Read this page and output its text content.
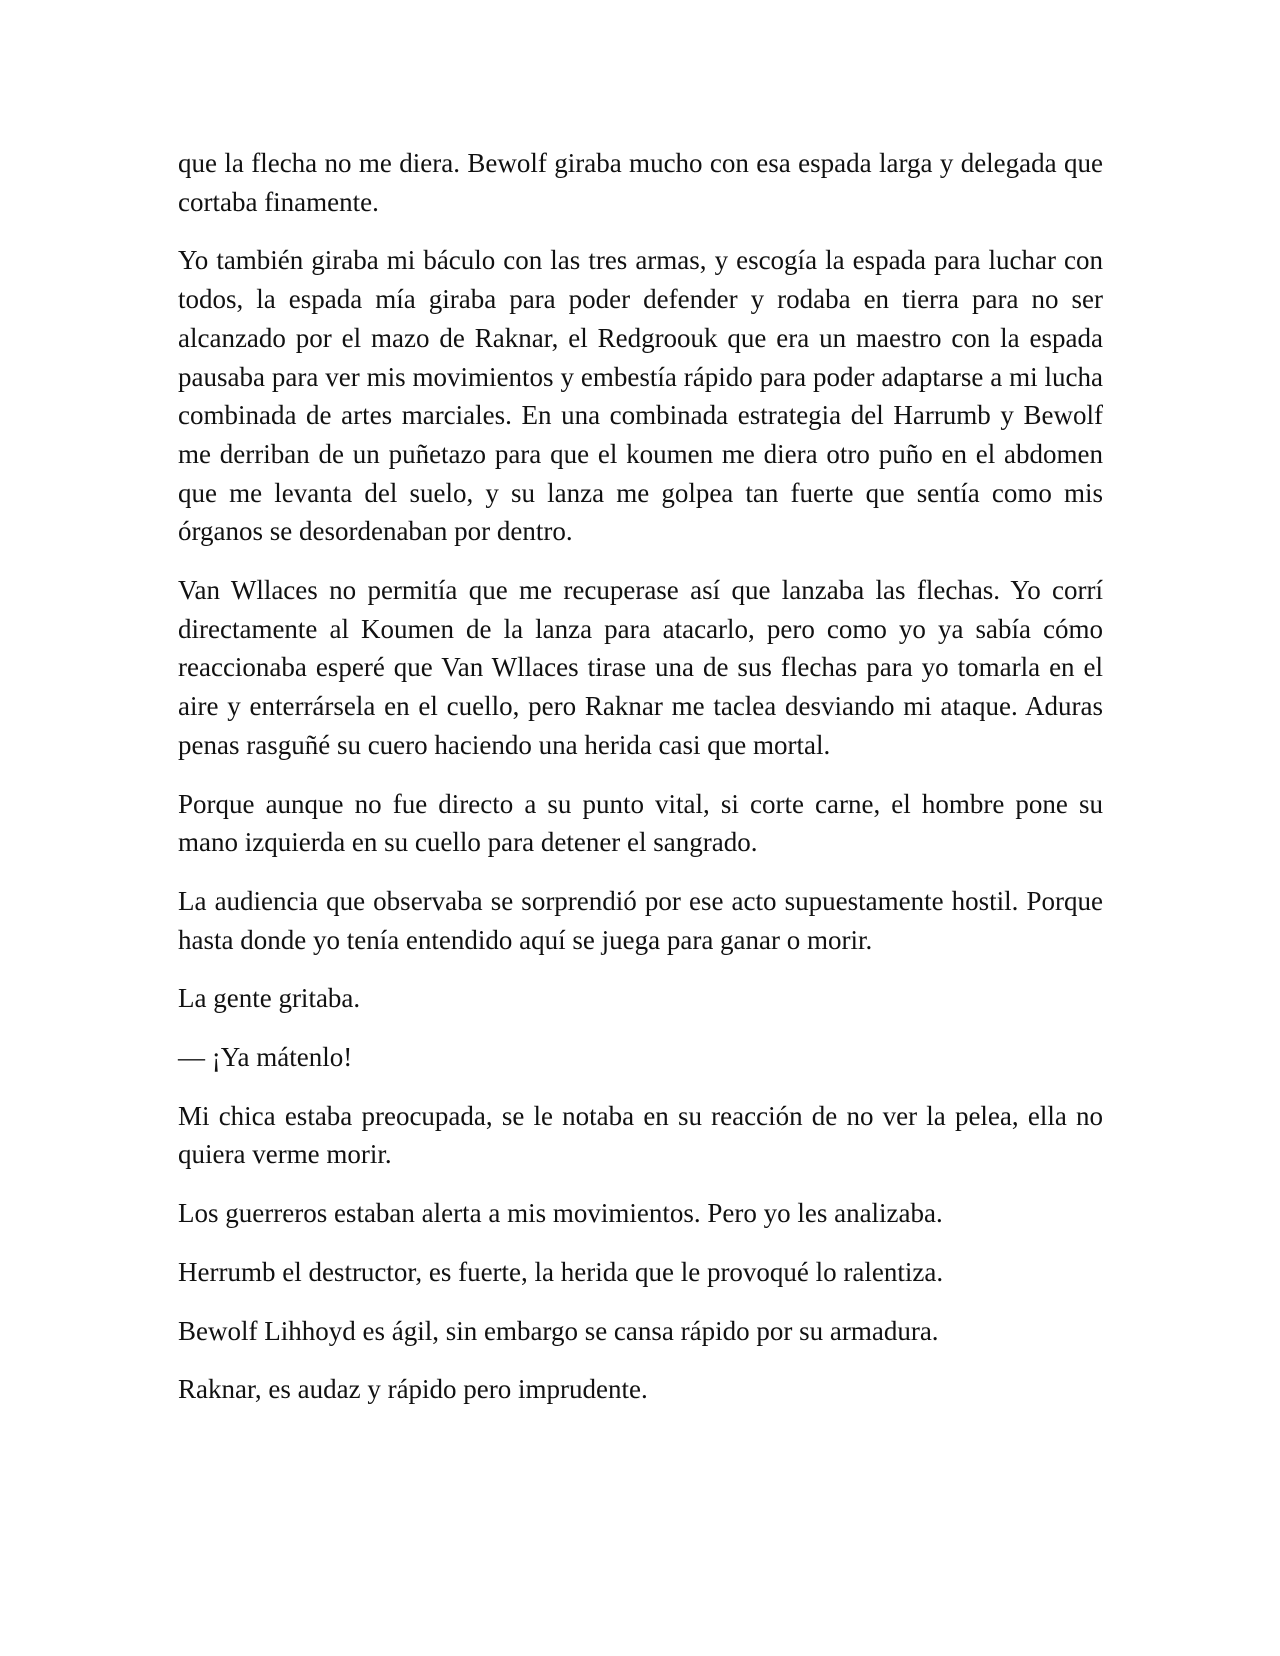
que la flecha no me diera. Bewolf giraba mucho con esa espada larga y delegada que cortaba finamente.

Yo también giraba mi báculo con las tres armas, y escogía la espada para luchar con todos, la espada mía giraba para poder defender y rodaba en tierra para no ser alcanzado por el mazo de Raknar, el Redgroouk que era un maestro con la espada pausaba para ver mis movimientos y embestía rápido para poder adaptarse a mi lucha combinada de artes marciales. En una combinada estrategia del Harrumb y Bewolf me derriban de un puñetazo para que el koumen me diera otro puño en el abdomen que me levanta del suelo, y su lanza me golpea tan fuerte que sentía como mis órganos se desordenaban por dentro.

Van Wllaces no permitía que me recuperase así que lanzaba las flechas. Yo corrí directamente al Koumen de la lanza para atacarlo, pero como yo ya sabía cómo reaccionaba esperé que Van Wllaces tirase una de sus flechas para yo tomarla en el aire y enterrársela en el cuello, pero Raknar me taclea desviando mi ataque. Aduras penas rasguñé su cuero haciendo una herida casi que mortal.

Porque aunque no fue directo a su punto vital, si corte carne, el hombre pone su mano izquierda en su cuello para detener el sangrado.

La audiencia que observaba se sorprendió por ese acto supuestamente hostil. Porque hasta donde yo tenía entendido aquí se juega para ganar o morir.

La gente gritaba.

— ¡Ya mátenlo!

Mi chica estaba preocupada, se le notaba en su reacción de no ver la pelea, ella no quiera verme morir.

Los guerreros estaban alerta a mis movimientos. Pero yo les analizaba.

Herrumb el destructor, es fuerte, la herida que le provoqué lo ralentiza.

Bewolf Lihhoyd es ágil, sin embargo se cansa rápido por su armadura.

Raknar, es audaz y rápido pero imprudente.
